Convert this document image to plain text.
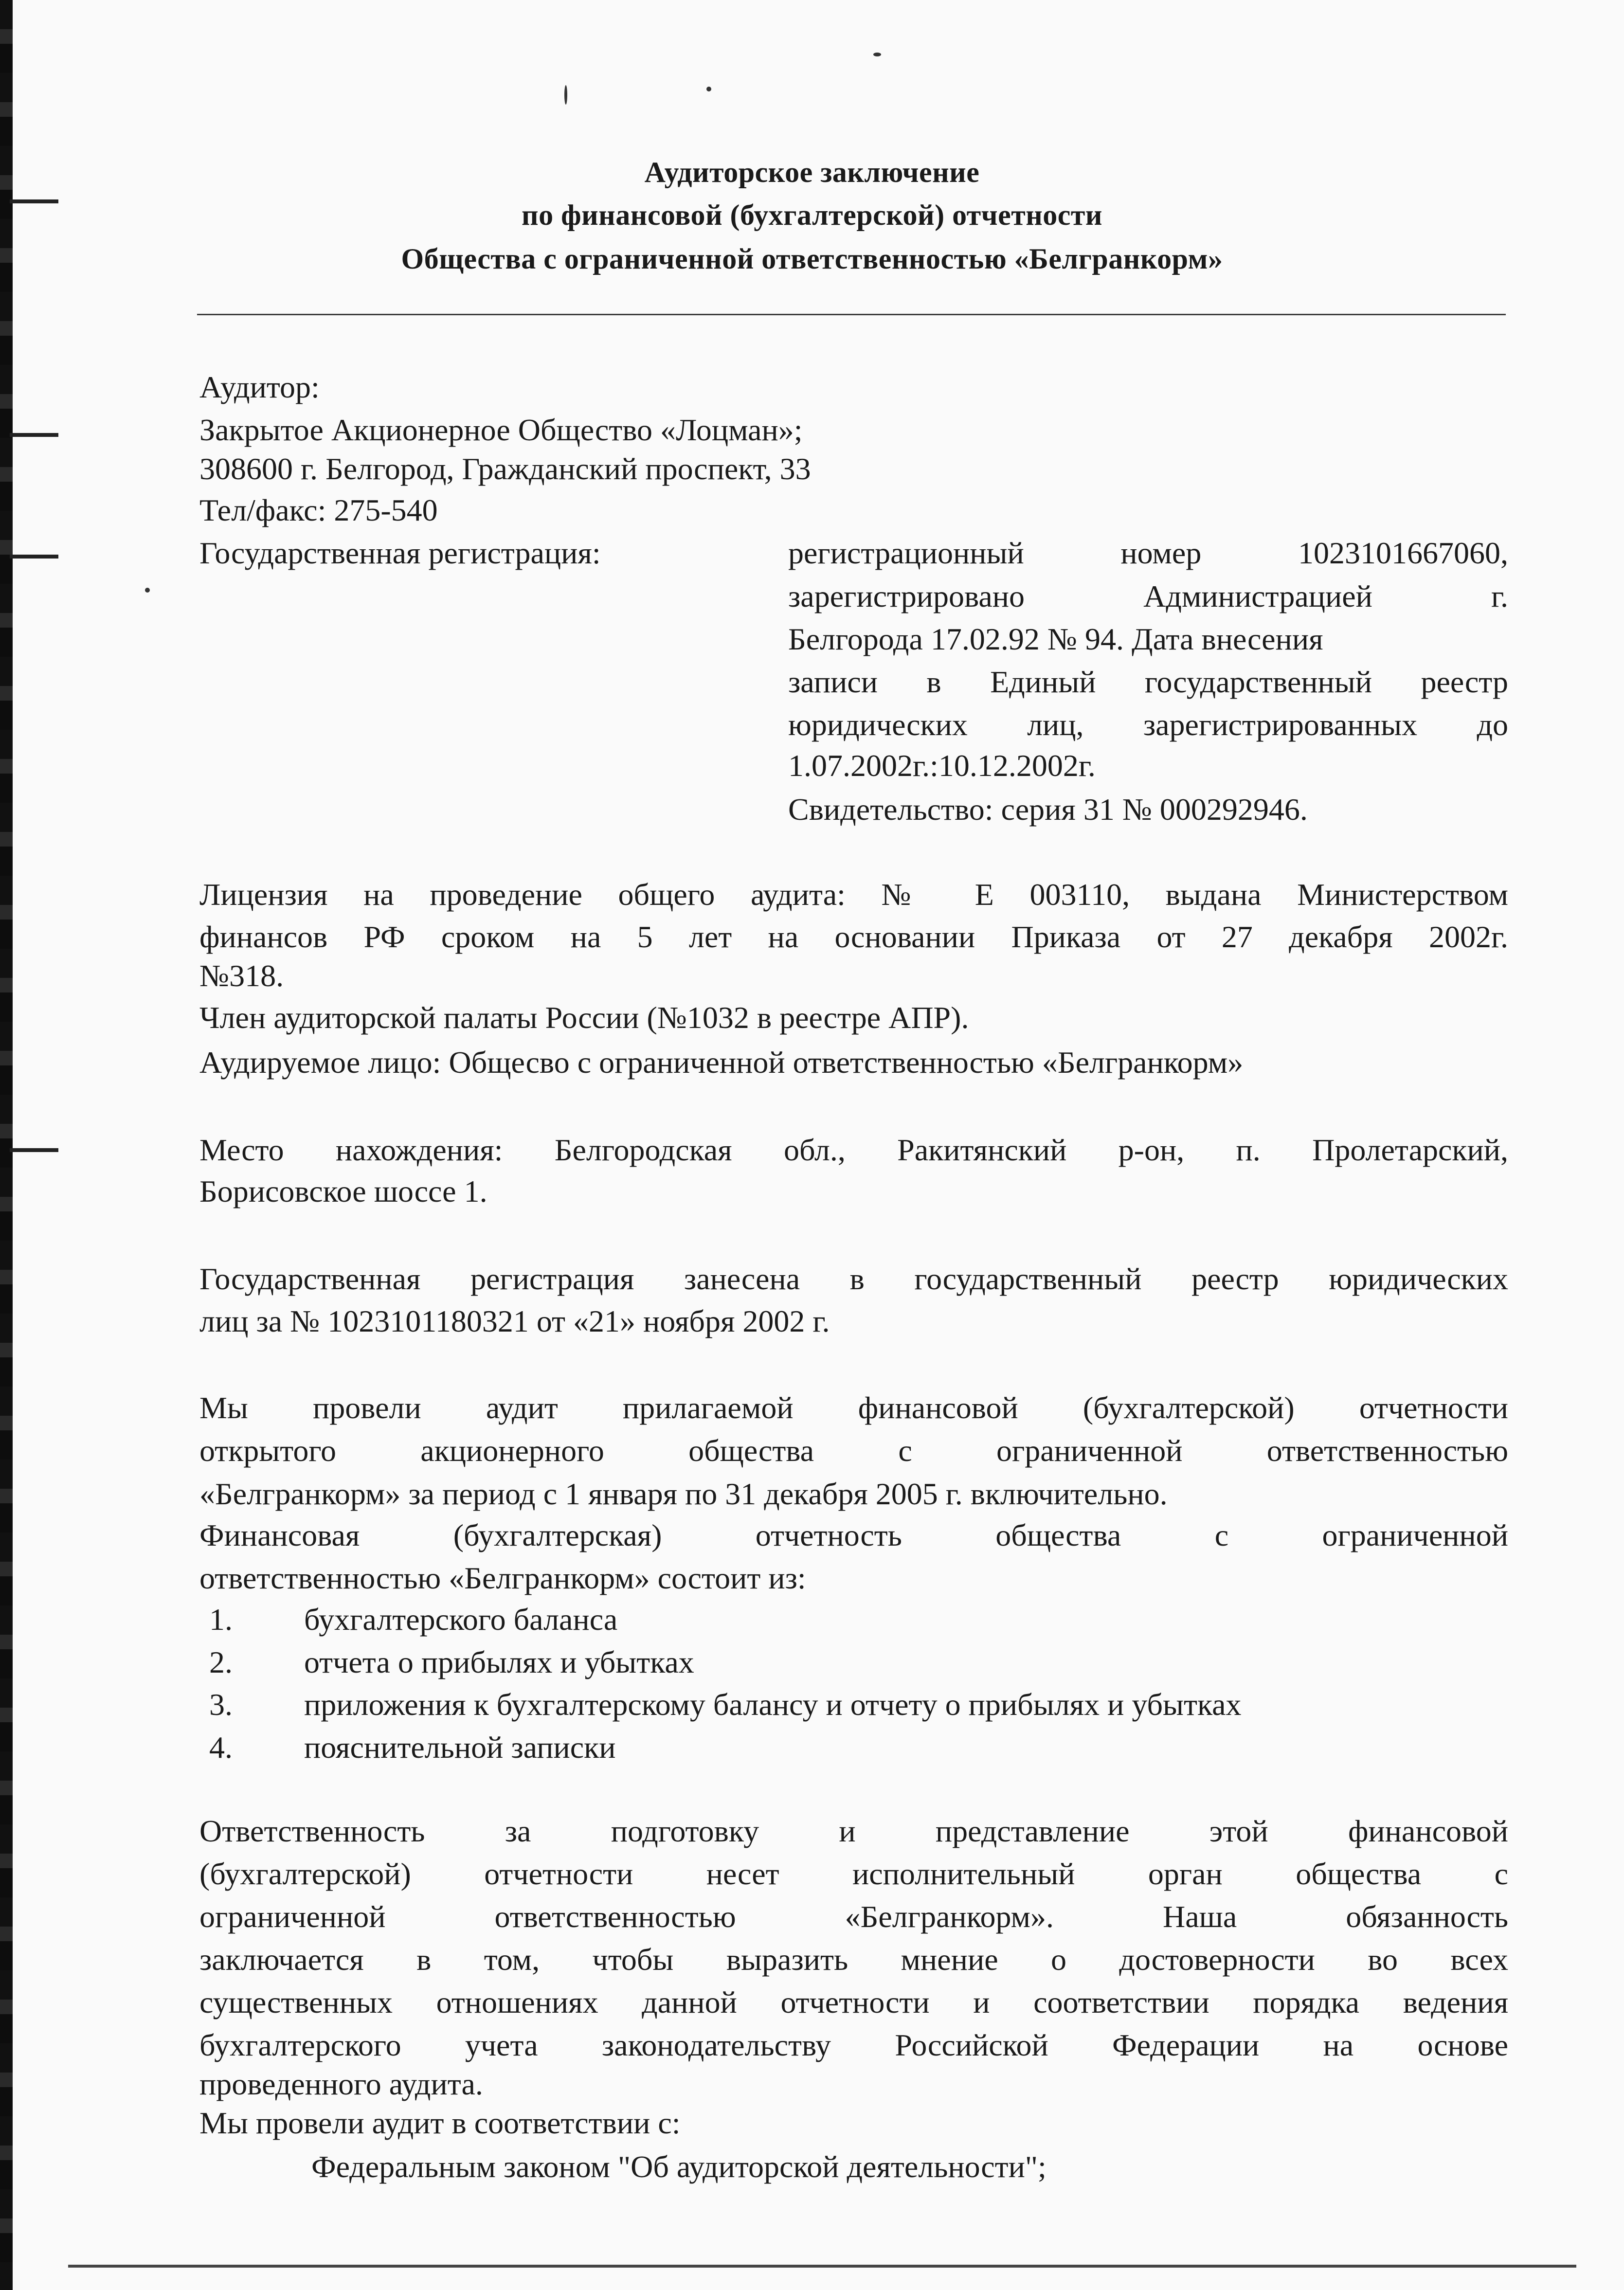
Аудиторское заключение
по финансовой (бухгалтерской) отчетности
Общества с ограниченной ответственностью «Белгранкорм»
Аудитор:
Закрытое Акционерное Общество «Лоцман»;
308600 г. Белгород, Гражданский проспект, 33
Тел/факс: 275-540
Государственная регистрация:	регистрационный номер 1023101667060,
зарегистрировано Администрацией г.
Белгорода 17.02.92 № 94. Дата внесения
записи в Единый государственный реестр
юридических лиц, зарегистрированных до
1.07.2002г.:10.12.2002г.
Свидетельство: серия 31 № 000292946.
Лицензия на проведение общего аудита: № Е 003110, выдана Министерством
финансов РФ сроком на 5 лет на основании Приказа от 27 декабря 2002г.
№318.
Член аудиторской палаты России (№1032 в реестре АПР).
Аудируемое лицо: Общесво с ограниченной ответственностью «Белгранкорм»
Место нахождения: Белгородская обл., Ракитянский р-он, п. Пролетарский,
Борисовское шоссе 1.
Государственная регистрация занесена в государственный реестр юридических
лиц за № 1023101180321 от «21» ноября 2002 г.
Мы провели аудит прилагаемой финансовой (бухгалтерской) отчетности
открытого акционерного общества с ограниченной ответственностью
«Белгранкорм» за период с 1 января по 31 декабря 2005 г. включительно.
Финансовая (бухгалтерская) отчетность общества с ограниченной
ответственностью «Белгранкорм» состоит из:
1. бухгалтерского баланса
2. отчета о прибылях и убытках
3. приложения к бухгалтерскому балансу и отчету о прибылях и убытках
4. пояснительной записки
Ответственность за подготовку и представление этой финансовой
(бухгалтерской) отчетности несет исполнительный орган общества с
ограниченной ответственностью «Белгранкорм». Наша обязанность
заключается в том, чтобы выразить мнение о достоверности во всех
существенных отношениях данной отчетности и соответствии порядка ведения
бухгалтерского учета законодательству Российской Федерации на основе
проведенного аудита.
Мы провели аудит в соответствии с:
Федеральным законом "Об аудиторской деятельности";
